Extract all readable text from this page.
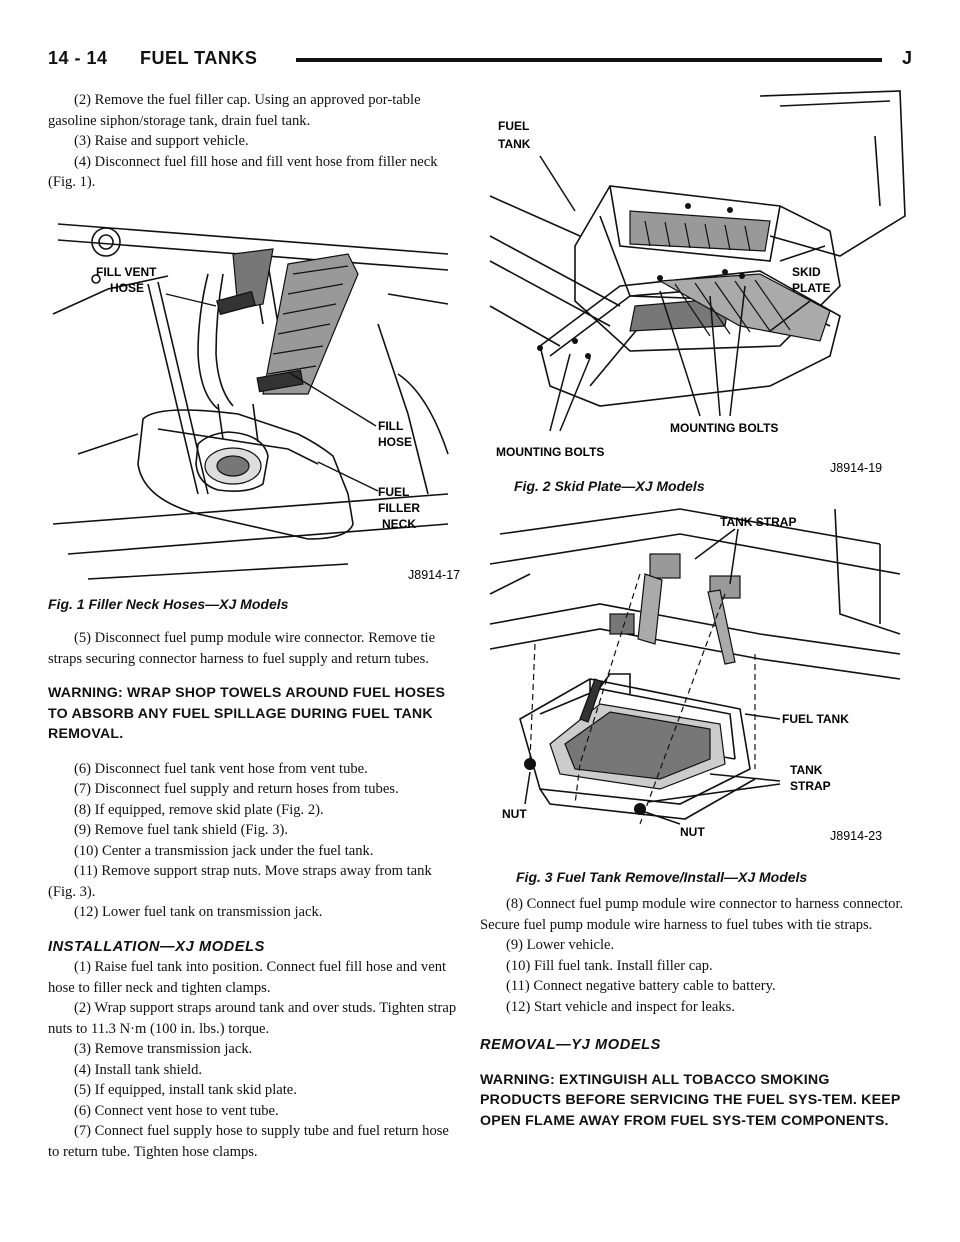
14 - 14 FUEL TANKS	J

(2) Remove the fuel filler cap. Using an approved por-table gasoline siphon/storage tank, drain fuel tank.

(3) Raise and support vehicle.

(4) Disconnect fuel fill hose and fill vent hose from filler neck (Fig. 1).

FILL VENT
HOSE
FILL
HOSE
FUEL
FILLER
NECK
J8914-17
Fig. 1 Filler Neck Hoses—XJ Models

(5) Disconnect fuel pump module wire connector. Remove tie straps securing connector harness to fuel supply and return tubes.

WARNING: WRAP SHOP TOWELS AROUND FUEL HOSES TO ABSORB ANY FUEL SPILLAGE DURING FUEL TANK REMOVAL.

(6) Disconnect fuel tank vent hose from vent tube.

(7) Disconnect fuel supply and return hoses from tubes.

(8) If equipped, remove skid plate (Fig. 2).

(9) Remove fuel tank shield (Fig. 3).

(10) Center a transmission jack under the fuel tank.

(11) Remove support strap nuts. Move straps away from tank (Fig. 3).

(12) Lower fuel tank on transmission jack.

INSTALLATION—XJ MODELS

(1) Raise fuel tank into position. Connect fuel fill hose and vent hose to filler neck and tighten clamps.

(2) Wrap support straps around tank and over studs. Tighten strap nuts to 11.3 N·m (100 in. lbs.) torque.

(3) Remove transmission jack.

(4) Install tank shield.

(5) If equipped, install tank skid plate.

(6) Connect vent hose to vent tube.

(7) Connect fuel supply hose to supply tube and fuel return hose to return tube. Tighten hose clamps.

FUEL
TANK
SKID
PLATE
MOUNTING BOLTS
MOUNTING BOLTS
J8914-19
Fig. 2 Skid Plate—XJ Models
TANK STRAP
FUEL TANK
TANK
STRAP
NUT
NUT	J8914-23
Fig. 3 Fuel Tank Remove/Install—XJ Models

(8) Connect fuel pump module wire connector to harness connector. Secure fuel pump module wire harness to fuel tubes with tie straps.

(9) Lower vehicle.

(10) Fill fuel tank. Install filler cap.

(11) Connect negative battery cable to battery.

(12) Start vehicle and inspect for leaks.

REMOVAL—YJ MODELS

WARNING: EXTINGUISH ALL TOBACCO SMOKING PRODUCTS BEFORE SERVICING THE FUEL SYS-TEM. KEEP OPEN FLAME AWAY FROM FUEL SYS-TEM COMPONENTS.
